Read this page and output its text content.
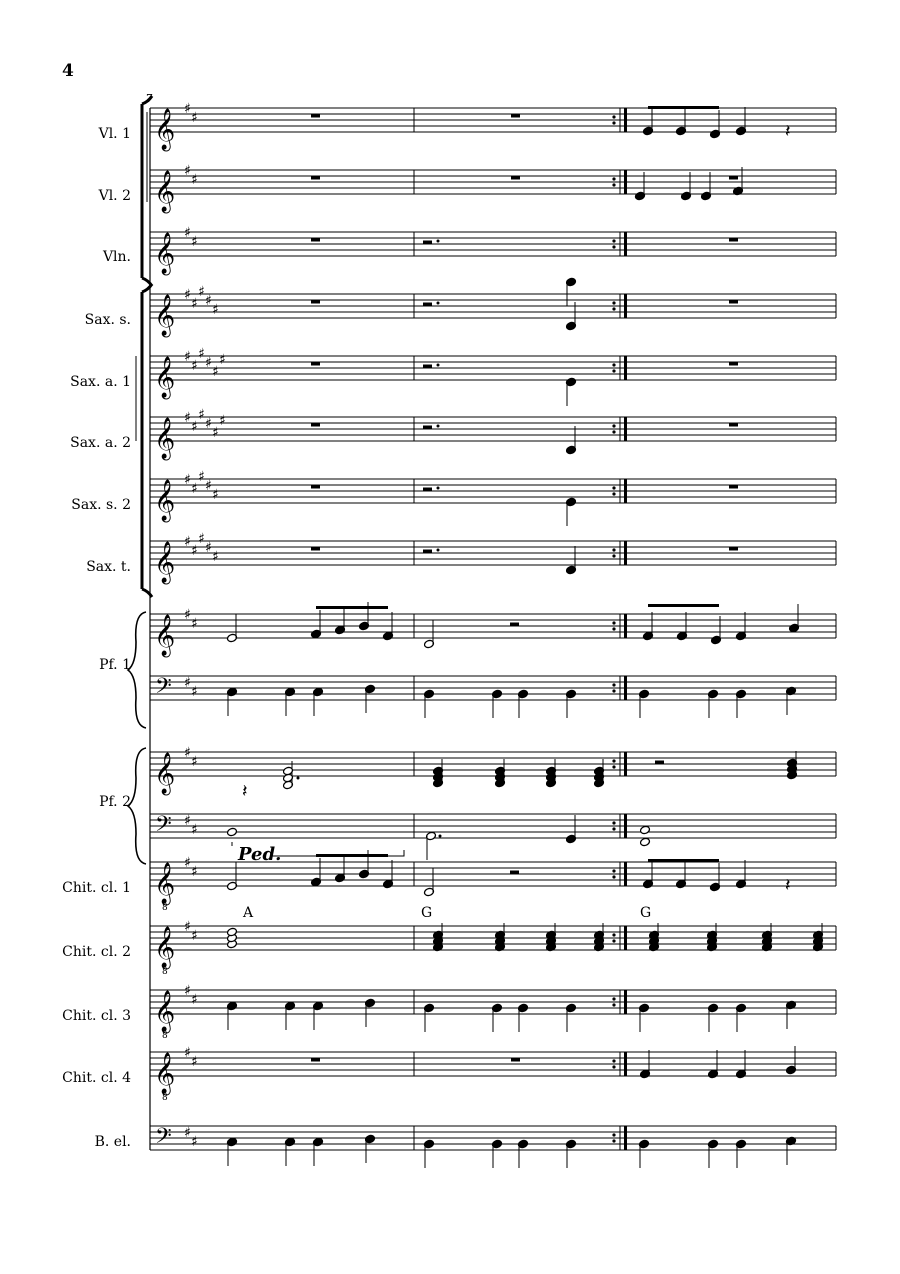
4
7
Vl. 1
Vl. 2
Vln.
Sax. s.
Sax. a. 1
Sax. a. 2
Sax. s. 2
Sax. t.
Pf. 1
Pf. 2
Chit. cl. 1
Chit. cl. 2
Chit. cl. 3
Chit. cl. 4
B. el.
𝄞 ♯
♯
𝄞 ♯
♯
𝄞 ♯
♯
𝄞 ♯
♯
♯
♯
♯
𝄞 ♯
♯
♯
♯
♯
♯
𝄞 ♯
♯
♯
♯
♯
♯
𝄞 ♯
♯
♯
♯
♯
𝄞 ♯
♯
♯
♯
♯
𝄞 ♯
♯
𝄢 ♯
♯
𝄞 ♯
♯
𝄢 ♯
♯
𝄞
8
♯
♯
𝄞
8
♯
♯
𝄞
8
♯
♯
𝄞
8
♯
♯
𝄢 ♯
♯
𝄽
𝄽
Ped.
𝄽
A	G	G
